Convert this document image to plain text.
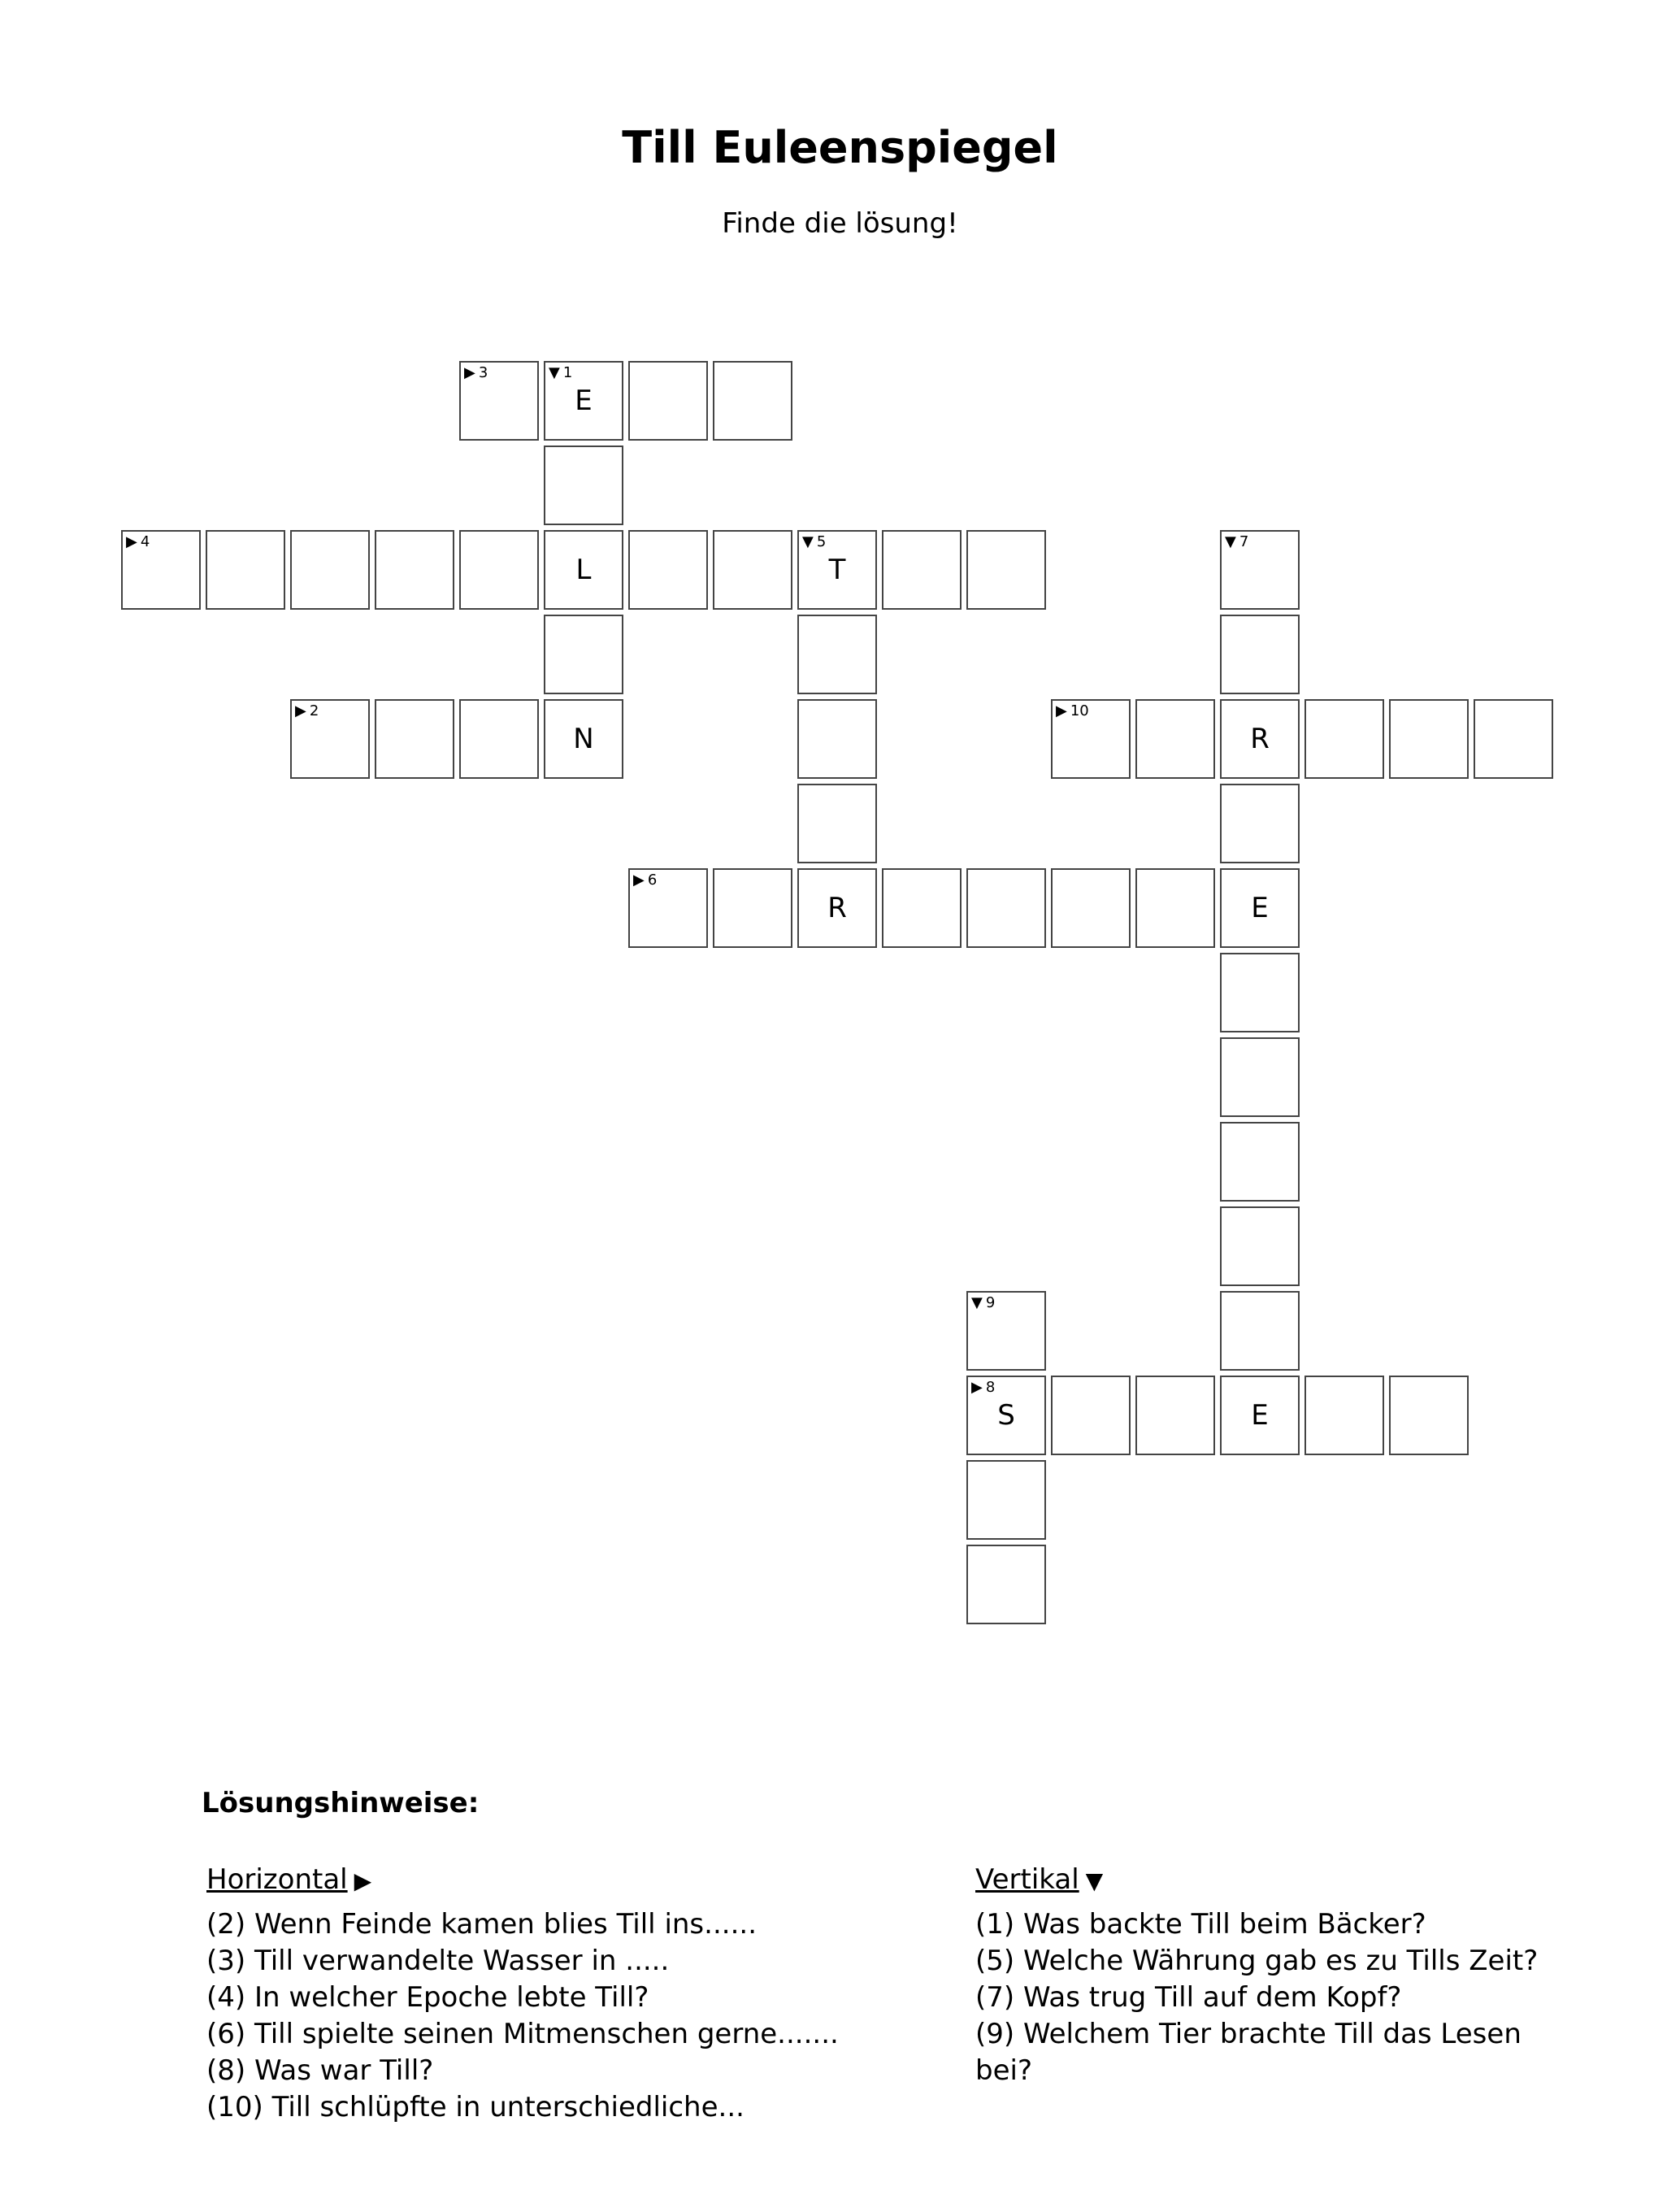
Till Euleenspiegel
Finde die lösung!
▶ 3	▼ 1
E
▶ 4
L
▼ 5
T
▼ 7
▶ 2
N
▶ 10
R
▶ 6
R	E
▼ 9
▶ 8
S	E
Lösungshinweise:
Horizontal ▶
(2) Wenn Feinde kamen blies Till ins......
(3) Till verwandelte Wasser in .....
(4) In welcher Epoche lebte Till?
(6) Till spielte seinen Mitmenschen gerne.......
(8) Was war Till?
(10) Till schlüpfte in unterschiedliche...
Vertikal ▼
(1) Was backte Till beim Bäcker?
(5) Welche Währung gab es zu Tills Zeit?
(7) Was trug Till auf dem Kopf?
(9) Welchem Tier brachte Till das Lesen bei?
